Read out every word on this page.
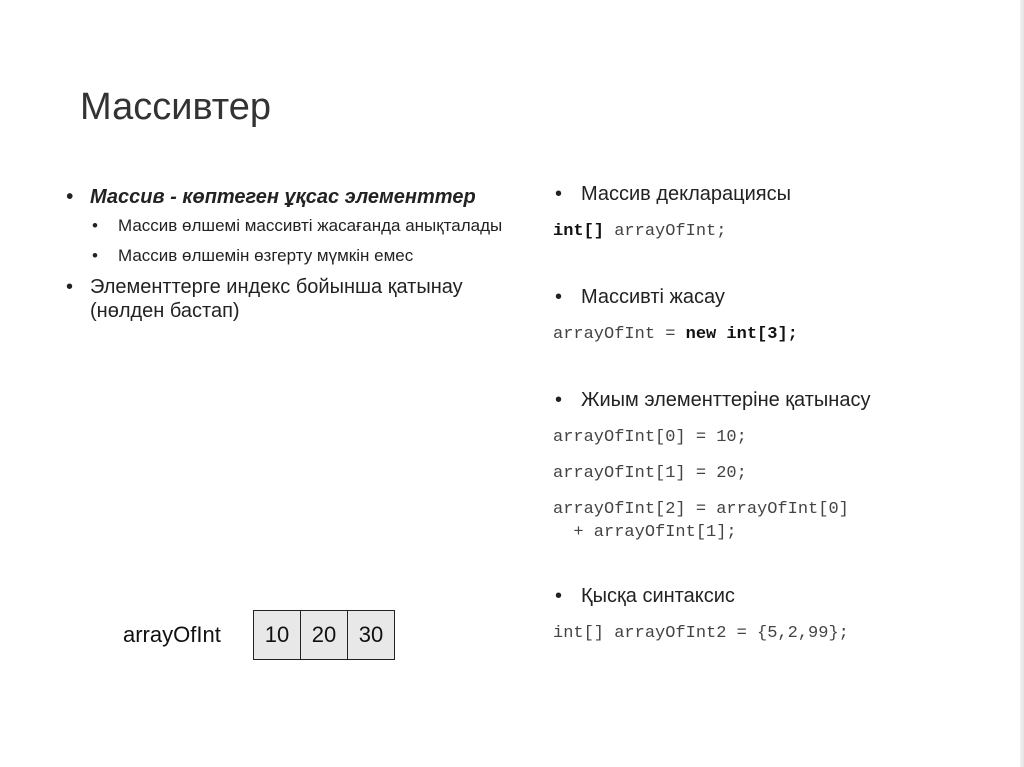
Массивтер
• Массив - көптеген ұқсас элементтер
• Массив өлшемі массивті жасағанда анықталады
• Массив өлшемін өзгерту мүмкін емес
• Элементтерге индекс бойынша қатынау (нөлден бастап)
• Массив декларациясы
int[] arrayOfInt;
• Массивті жасау
arrayOfInt = new int[3];
• Жиым элементтеріне қатынасу
arrayOfInt[0] = 10;
arrayOfInt[1] = 20;
arrayOfInt[2] = arrayOfInt[0]
+ arrayOfInt[1];
• Қысқа синтаксис
int[] arrayOfInt2 = {5,2,99};
arrayOfInt	10	20	30
